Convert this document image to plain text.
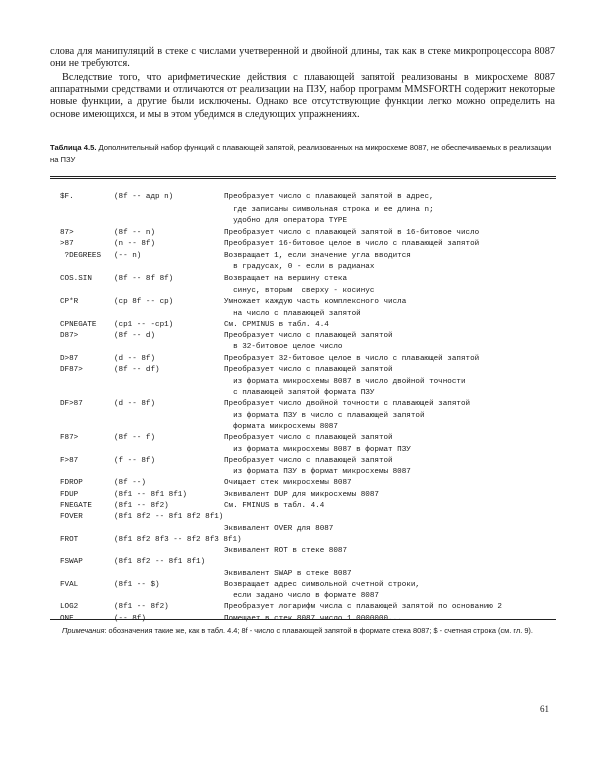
слова для манипуляций в стеке с числами учетверенной и двойной длины, так как в стеке микропроцессора 8087 они не требуются.

Вследствие того, что арифметические действия с плавающей запятой реализованы в микросхеме 8087 аппаратными средствами и отличаются от реализации на ПЗУ, набор программ MMSFORTH содержит некоторые новые функции, а другие были исключены. Однако все отсутствующие функции легко можно определить на основе имеющихся, и мы в этом убедимся в следующих упражнениях.

Таблица 4.5. Дополнительный набор функций с плавающей запятой, реализованных на микросхеме 8087, не обеспечиваемых в реализации на ПЗУ

$F.	(8f -- адр n)	Преобразует число с плавающей запятой в адрес,
где записаны символьная строка и ее длина n;
удобно для оператора TYPE
87>	(8f -- n)	Преобразует число с плавающей запятой в 16-битовое число
>87	(n -- 8f)	Преобразует 16-битовое целое в число с плавающей запятой
?DEGREES (-- n)	Возвращает 1, если значение угла вводится
в градусах, 0 - если в радианах
COS.SIN	(8f -- 8f 8f)	Возвращает на вершину стека
синус, вторым  сверху - косинус
CP*R	(cp 8f -- cp)	Умножает каждую часть комплексного числа
на число с плавающей запятой
CPNEGATE (cp1 -- -cp1)	См. CPMINUS в табл. 4.4
D87>	(8f -- d)	Преобразует число с плавающей запятой
в 32-битовое целое число
D>87	(d -- 8f)	Преобразует 32-битовое целое в число с плавающей запятой
DF87>	(8f -- df)	Преобразует число с плавающей запятой
из формата микросхемы 8087 в число двойной точности
с плавающей запятой формата ПЗУ
DF>87	(d -- 8f)	Преобразует число двойной точности с плавающей запятой
из формата ПЗУ в число с плавающей запятой
формата микросхемы 8087
F87>	(8f -- f)	Преобразует число с плавающей запятой
из формата микросхемы 8087 в формат ПЗУ
F>87	(f -- 8f)	Преобразует число с плавающей запятой
из формата ПЗУ в формат микросхемы 8087
FDROP	(8f --)	Очищает стек микросхемы 8087
FDUP	(8f1 -- 8f1 8f1)	Эквивалент DUP для микросхемы 8087
FNEGATE	(8f1 -- 8f2)	См. FMINUS в табл. 4.4
FOVER	(8f1 8f2 -- 8f1 8f2 8f1)
Эквивалент OVER для 8087
FROT	(8f1 8f2 8f3 -- 8f2 8f3 8f1)
Эквивалент ROT в стеке 8087
FSWAP	(8f1 8f2 -- 8f1 8f1)
Эквивалент SWAP в стеке 8087
FVAL	(8f1 -- $)	Возвращает адрес символьной счетной строки,
если задано число в формате 8087
LOG2	(8f1 -- 8f2)	Преобразует логарифм числа с плавающей запятой по основанию 2
ONE	(-- 8f)	Помещает в стек 8087 число 1.0000000...

Примечания: обозначения такие же, как в табл. 4.4; 8f - число с плавающей запятой в формате стека 8087; $ - счетная строка (см. гл. 9).

61
